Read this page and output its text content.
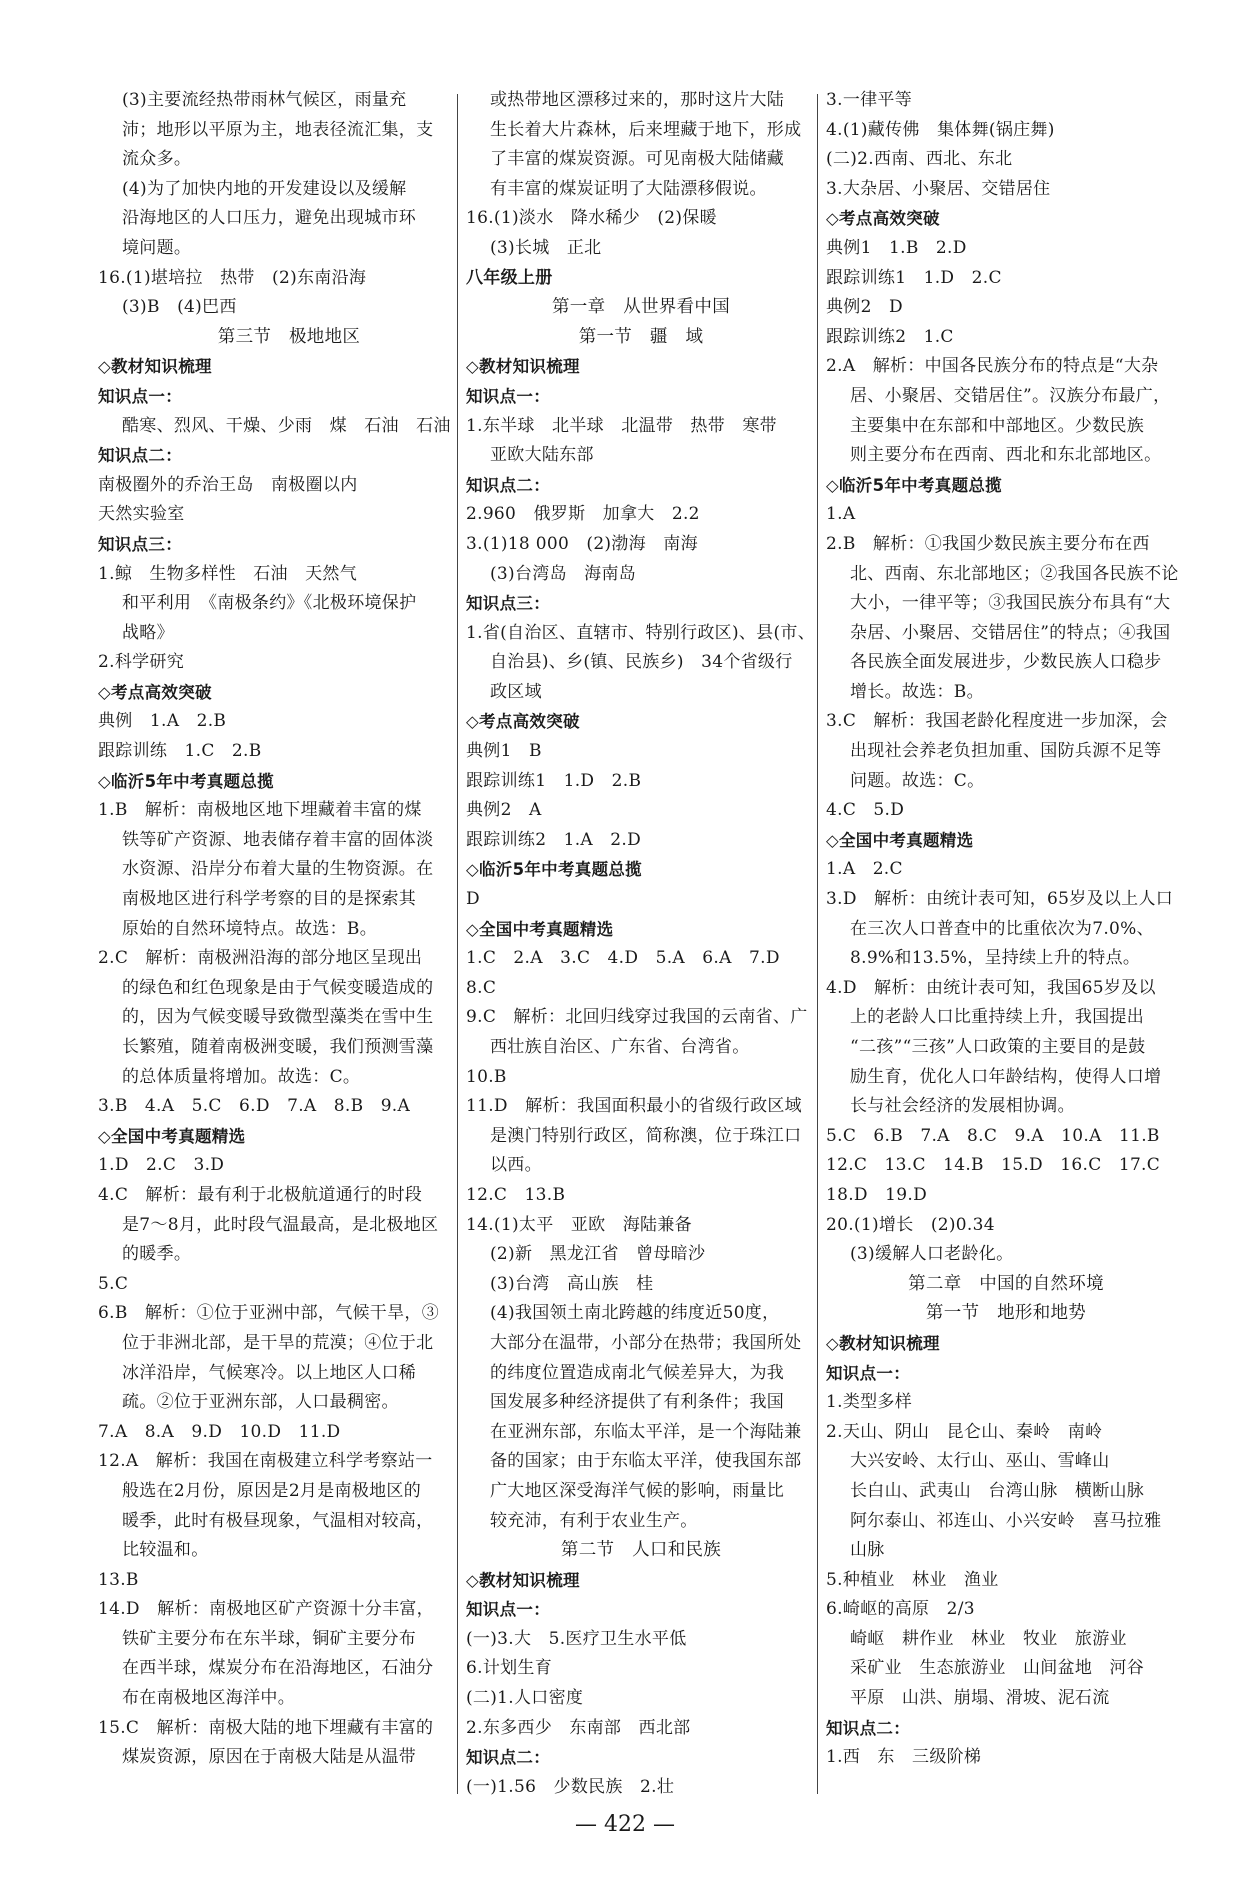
(3)主要流经热带雨林气候区，雨量充
沛；地形以平原为主，地表径流汇集，支
流众多。
(4)为了加快内地的开发建设以及缓解
沿海地区的人口压力，避免出现城市环
境问题。
16.(1)堪培拉　热带　(2)东南沿海
(3)B　(4)巴西
第三节　极地地区
◇教材知识梳理
知识点一：
酷寒、烈风、干燥、少雨　煤　石油　石油
知识点二：
南极圈外的乔治王岛　南极圈以内
天然实验室
知识点三：
1.鲸　生物多样性　石油　天然气
和平利用　《南极条约》《北极环境保护
战略》
2.科学研究
◇考点高效突破
典例　1.A　2.B
跟踪训练　1.C　2.B
◇临沂5年中考真题总揽
1.B　解析：南极地区地下埋藏着丰富的煤
铁等矿产资源、地表储存着丰富的固体淡
水资源、沿岸分布着大量的生物资源。在
南极地区进行科学考察的目的是探索其
原始的自然环境特点。故选：B。
2.C　解析：南极洲沿海的部分地区呈现出
的绿色和红色现象是由于气候变暖造成的
的，因为气候变暖导致微型藻类在雪中生
长繁殖，随着南极洲变暖，我们预测雪藻
的总体质量将增加。故选：C。
3.B　4.A　5.C　6.D　7.A　8.B　9.A
◇全国中考真题精选
1.D　2.C　3.D
4.C　解析：最有利于北极航道通行的时段
是7～8月，此时段气温最高，是北极地区
的暖季。
5.C
6.B　解析：①位于亚洲中部，气候干旱，③
位于非洲北部，是干旱的荒漠；④位于北
冰洋沿岸，气候寒冷。以上地区人口稀
疏。②位于亚洲东部，人口最稠密。
7.A　8.A　9.D　10.D　11.D
12.A　解析：我国在南极建立科学考察站一
般选在2月份，原因是2月是南极地区的
暖季，此时有极昼现象，气温相对较高，
比较温和。
13.B
14.D　解析：南极地区矿产资源十分丰富，
铁矿主要分布在东半球，铜矿主要分布
在西半球，煤炭分布在沿海地区，石油分
布在南极地区海洋中。
15.C　解析：南极大陆的地下埋藏有丰富的
煤炭资源，原因在于南极大陆是从温带
或热带地区漂移过来的，那时这片大陆
生长着大片森林，后来埋藏于地下，形成
了丰富的煤炭资源。可见南极大陆储藏
有丰富的煤炭证明了大陆漂移假说。
16.(1)淡水　降水稀少　(2)保暖
(3)长城　正北
八年级上册
第一章　从世界看中国
第一节　疆　域
◇教材知识梳理
知识点一：
1.东半球　北半球　北温带　热带　寒带
亚欧大陆东部
知识点二：
2.960　俄罗斯　加拿大　2.2
3.(1)18 000　(2)渤海　南海
(3)台湾岛　海南岛
知识点三：
1.省(自治区、直辖市、特别行政区)、县(市、
自治县)、乡(镇、民族乡)　34个省级行
政区域
◇考点高效突破
典例1　B
跟踪训练1　1.D　2.B
典例2　A
跟踪训练2　1.A　2.D
◇临沂5年中考真题总揽
D
◇全国中考真题精选
1.C　2.A　3.C　4.D　5.A　6.A　7.D
8.C
9.C　解析：北回归线穿过我国的云南省、广
西壮族自治区、广东省、台湾省。
10.B
11.D　解析：我国面积最小的省级行政区域
是澳门特别行政区，简称澳，位于珠江口
以西。
12.C　13.B
14.(1)太平　亚欧　海陆兼备
(2)新　黑龙江省　曾母暗沙
(3)台湾　高山族　桂
(4)我国领土南北跨越的纬度近50度，
大部分在温带，小部分在热带；我国所处
的纬度位置造成南北气候差异大，为我
国发展多种经济提供了有利条件；我国
在亚洲东部，东临太平洋，是一个海陆兼
备的国家；由于东临太平洋，使我国东部
广大地区深受海洋气候的影响，雨量比
较充沛，有利于农业生产。
第二节　人口和民族
◇教材知识梳理
知识点一：
(一)3.大　5.医疗卫生水平低
6.计划生育
(二)1.人口密度
2.东多西少　东南部　西北部
知识点二：
(一)1.56　少数民族　2.壮
3.一律平等
4.(1)藏传佛　集体舞(锅庄舞)
(二)2.西南、西北、东北
3.大杂居、小聚居、交错居住
◇考点高效突破
典例1　1.B　2.D
跟踪训练1　1.D　2.C
典例2　D
跟踪训练2　1.C
2.A　解析：中国各民族分布的特点是“大杂
居、小聚居、交错居住”。汉族分布最广，
主要集中在东部和中部地区。少数民族
则主要分布在西南、西北和东北部地区。
◇临沂5年中考真题总揽
1.A
2.B　解析：①我国少数民族主要分布在西
北、西南、东北部地区；②我国各民族不论
大小，一律平等；③我国民族分布具有“大
杂居、小聚居、交错居住”的特点；④我国
各民族全面发展进步，少数民族人口稳步
增长。故选：B。
3.C　解析：我国老龄化程度进一步加深，会
出现社会养老负担加重、国防兵源不足等
问题。故选：C。
4.C　5.D
◇全国中考真题精选
1.A　2.C
3.D　解析：由统计表可知，65岁及以上人口
在三次人口普查中的比重依次为7.0%、
8.9%和13.5%，呈持续上升的特点。
4.D　解析：由统计表可知，我国65岁及以
上的老龄人口比重持续上升，我国提出
“二孩”“三孩”人口政策的主要目的是鼓
励生育，优化人口年龄结构，使得人口增
长与社会经济的发展相协调。
5.C　6.B　7.A　8.C　9.A　10.A　11.B
12.C　13.C　14.B　15.D　16.C　17.C
18.D　19.D
20.(1)增长　(2)0.34
(3)缓解人口老龄化。
第二章　中国的自然环境
第一节　地形和地势
◇教材知识梳理
知识点一：
1.类型多样
2.天山、阴山　昆仑山、秦岭　南岭
大兴安岭、太行山、巫山、雪峰山
长白山、武夷山　台湾山脉　横断山脉
阿尔泰山、祁连山、小兴安岭　喜马拉雅
山脉
5.种植业　林业　渔业
6.崎岖的高原　2/3
崎岖　耕作业　林业　牧业　旅游业
采矿业　生态旅游业　山间盆地　河谷
平原　山洪、崩塌、滑坡、泥石流
知识点二：
1.西　东　三级阶梯
— 422 —
